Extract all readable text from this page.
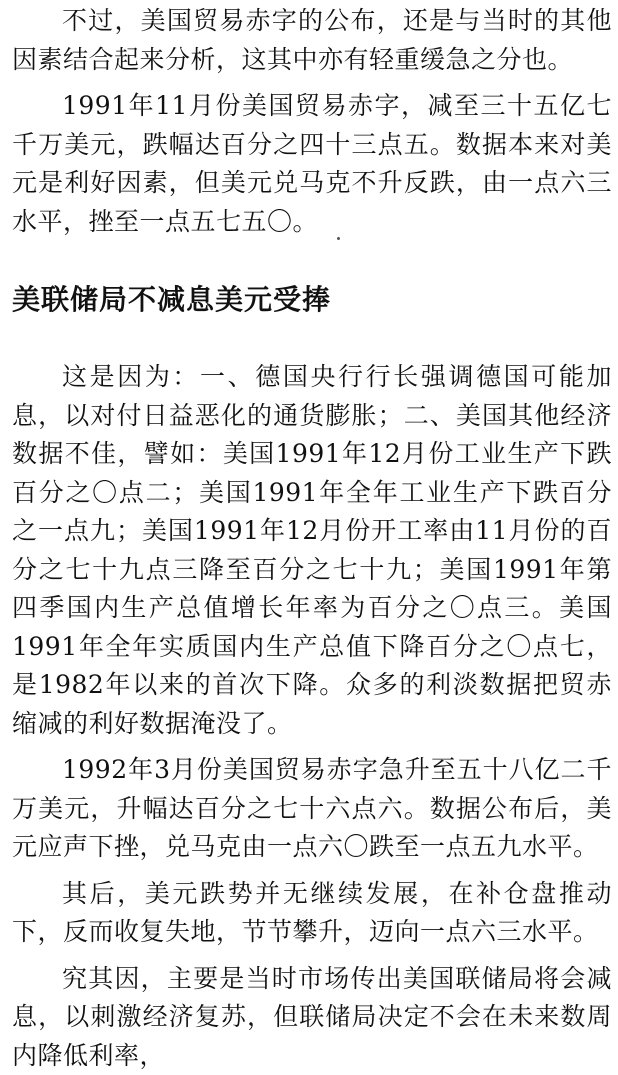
不过，美国贸易赤字的公布，还是与当时的其他因素结合起来分析，这其中亦有轻重缓急之分也。

1991年11月份美国贸易赤字，减至三十五亿七千万美元，跌幅达百分之四十三点五。数据本来对美元是利好因素，但美元兑马克不升反跌，由一点六三水平，挫至一点五七五〇。

美联储局不减息美元受捧

这是因为：一、德国央行行长强调德国可能加息，以对付日益恶化的通货膨胀；二、美国其他经济数据不佳，譬如：美国1991年12月份工业生产下跌百分之〇点二；美国1991年全年工业生产下跌百分之一点九；美国1991年12月份开工率由11月份的百分之七十九点三降至百分之七十九；美国1991年第四季国内生产总值增长年率为百分之〇点三。美国1991年全年实质国内生产总值下降百分之〇点七，是1982年以来的首次下降。众多的利淡数据把贸赤缩减的利好数据淹没了。

1992年3月份美国贸易赤字急升至五十八亿二千万美元，升幅达百分之七十六点六。数据公布后，美元应声下挫，兑马克由一点六〇跌至一点五九水平。

其后，美元跌势并无继续发展，在补仓盘推动下，反而收复失地，节节攀升，迈向一点六三水平。

究其因，主要是当时市场传出美国联储局将会减息，以刺激经济复苏，但联储局决定不会在未来数周内降低利率，
